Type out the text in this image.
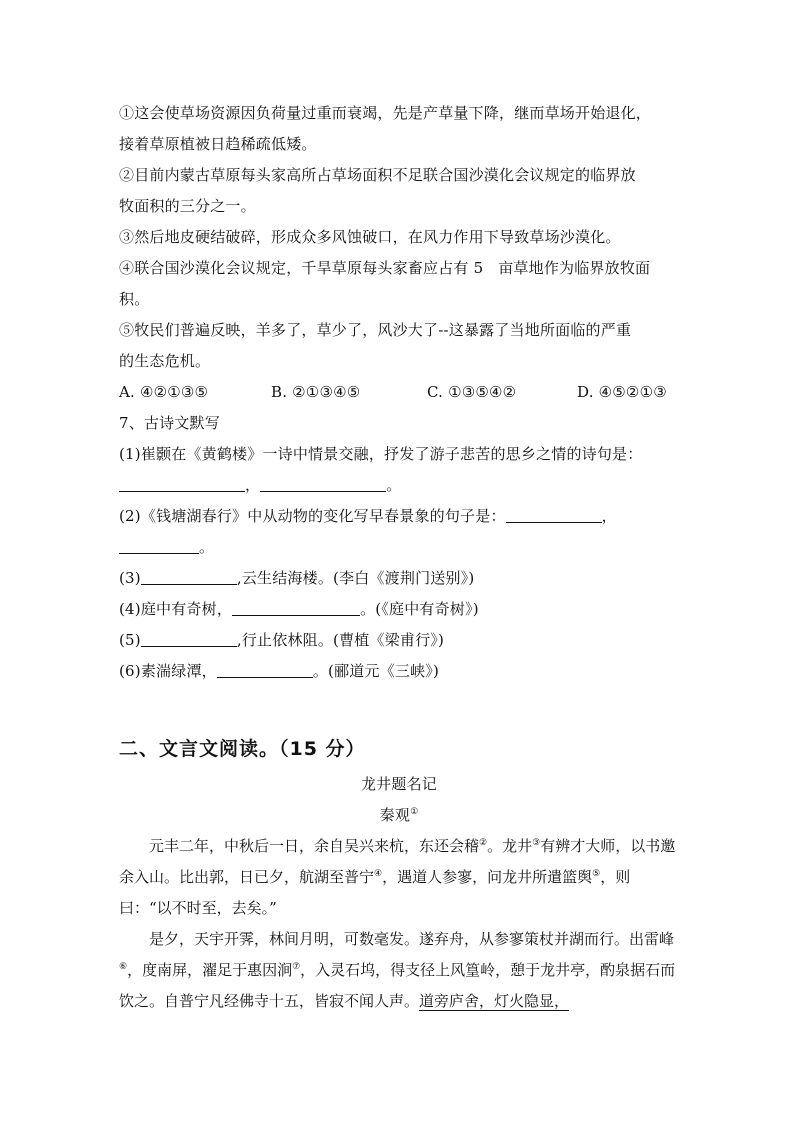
①这会使草场资源因负荷量过重而衰竭，先是产草量下降，继而草场开始退化，
接着草原植被日趋稀疏低矮。
②目前内蒙古草原每头家高所占草场面积不足联合国沙漠化会议规定的临界放
牧面积的三分之一。
③然后地皮硬结破碎，形成众多风蚀破口，在风力作用下导致草场沙漠化。
④联合国沙漠化会议规定，千旱草原每头家畜应占有 5   亩草地作为临界放牧面
积。
⑤牧民们普遍反映，羊多了，草少了，风沙大了--这暴露了当地所面临的严重
的生态危机。
A. ④②①③⑤	B. ②①③④⑤	C. ①③⑤④②	D. ④⑤②①③
7、古诗文默写
(1)崔颢在《黄鹤楼》一诗中情景交融，抒发了游子悲苦的思乡之情的诗句是：
，	。
(2)《钱塘湖春行》中从动物的变化写早春景象的句子是：	，
。
(3)	,云生结海楼。(李白《渡荆门送别》)
(4)庭中有奇树，	。(《庭中有奇树》)
(5)	,行止依林阻。(曹植《梁甫行》)
(6)素湍绿潭，	。(郦道元《三峡》)
二、文言文阅读。（15 分）
龙井题名记
秦观①
元丰二年，中秋后一日，余自吴兴来杭，东还会稽②。龙井③有辨才大师，以书邀余入山。比出郭，日已夕，航湖至普宁④，遇道人参寥，问龙井所遣篮舆⑤，则曰：“以不时至，去矣。”
是夕，天宇开霁，林间月明，可数毫发。遂弃舟，从参寥策杖并湖而行。出雷峰⑥，度南屏，濯足于惠因涧⑦，入灵石坞，得支径上风篁岭，憩于龙井亭，酌泉据石而饮之。自普宁凡经佛寺十五，皆寂不闻人声。道旁庐舍，灯火隐显，
